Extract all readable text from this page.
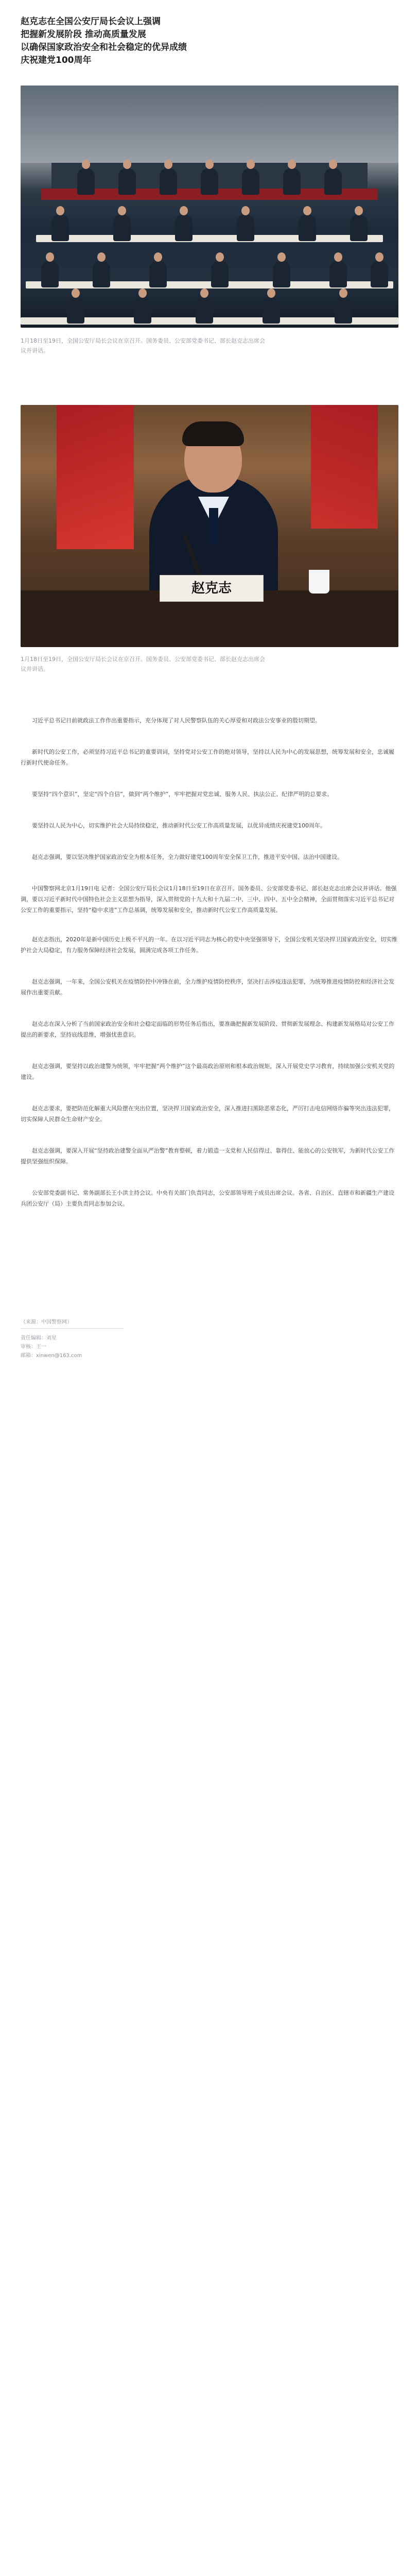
赵克志在全国公安厅局长会议上强调
把握新发展阶段 推动高质量发展
以确保国家政治安全和社会稳定的优异成绩
庆祝建党100周年
1月18日至19日，全国公安厅局长会议在京召开。国务委员、公安部党委书记、部长赵克志出席会议并讲话。
赵克志
1月18日至19日，全国公安厅局长会议在京召开。国务委员、公安部党委书记、部长赵克志出席会议并讲话。

习近平总书记日前就政法工作作出重要指示，充分体现了对人民警察队伍的关心厚爱和对政法公安事业的殷切期望。

新时代的公安工作，必须坚持习近平总书记的重要训词，坚持党对公安工作的绝对领导，坚持以人民为中心的发展思想，统筹发展和安全，忠诚履行新时代使命任务。

要坚持“四个意识”，坚定“四个自信”，做到“两个维护”，牢牢把握对党忠诚、服务人民、执法公正、纪律严明的总要求。

要坚持以人民为中心，切实维护社会大局持续稳定，推动新时代公安工作高质量发展，以优异成绩庆祝建党100周年。

赵克志强调，要以坚决维护国家政治安全为根本任务，全力做好建党100周年安全保卫工作，推进平安中国、法治中国建设。

中国警察网北京1月19日电 记者：全国公安厅局长会议1月18日至19日在京召开。国务委员、公安部党委书记、部长赵克志出席会议并讲话。他强调，要以习近平新时代中国特色社会主义思想为指导，深入贯彻党的十九大和十九届二中、三中、四中、五中全会精神，全面贯彻落实习近平总书记对公安工作的重要指示，坚持“稳中求进”工作总基调，统筹发展和安全，推动新时代公安工作高质量发展。

赵克志指出，2020年是新中国历史上极不平凡的一年。在以习近平同志为核心的党中央坚强领导下，全国公安机关坚决捍卫国家政治安全，切实维护社会大局稳定，有力服务保障经济社会发展，圆满完成各项工作任务。

赵克志强调，一年来，全国公安机关在疫情防控中冲锋在前，全力维护疫情防控秩序，坚决打击涉疫违法犯罪，为统筹推进疫情防控和经济社会发展作出重要贡献。

赵克志在深入分析了当前国家政治安全和社会稳定面临的形势任务后指出，要准确把握新发展阶段、贯彻新发展理念、构建新发展格局对公安工作提出的新要求，坚持底线思维，增强忧患意识。

赵克志强调，要坚持以政治建警为统领，牢牢把握“两个维护”这个最高政治原则和根本政治规矩，深入开展党史学习教育，持续加强公安机关党的建设。

赵克志要求，要把防范化解重大风险摆在突出位置，坚决捍卫国家政治安全，深入推进扫黑除恶常态化，严厉打击电信网络诈骗等突出违法犯罪，切实保障人民群众生命财产安全。

赵克志强调，要深入开展“坚持政治建警全面从严治警”教育整顿，着力锻造一支党和人民信得过、靠得住、能放心的公安铁军，为新时代公安工作提供坚强组织保障。

公安部党委副书记、常务副部长王小洪主持会议。中央有关部门负责同志，公安部领导班子成员出席会议。各省、自治区、直辖市和新疆生产建设兵团公安厅（局）主要负责同志参加会议。

（来源：中国警察网）
责任编辑：刘星
审核：王一
邮箱：xinwen@163.com
